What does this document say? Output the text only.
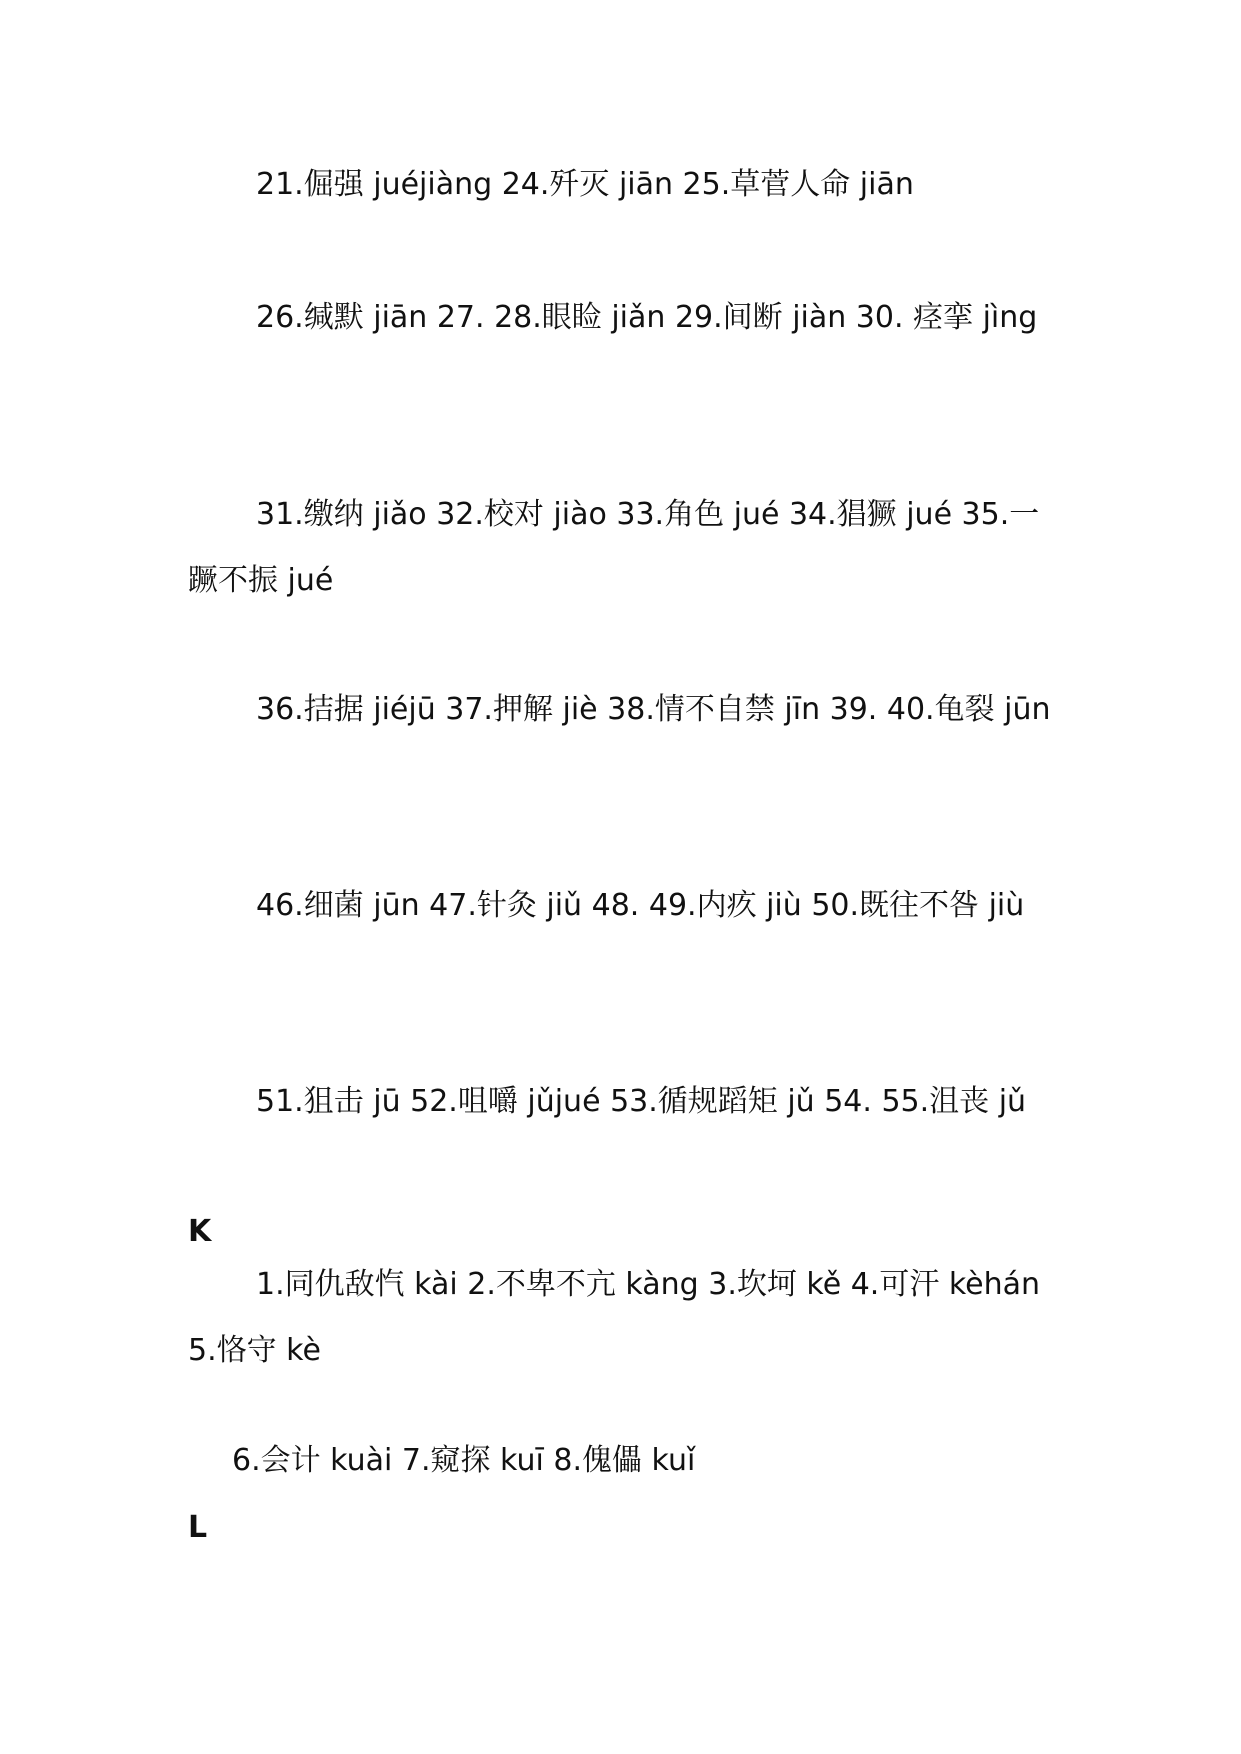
21.倔强 juéjiàng 24.歼灭 jiān 25.草菅人命 jiān

26.缄默 jiān 27. 28.眼睑 jiǎn 29.间断 jiàn 30. 痉挛 jìng

31.缴纳 jiǎo 32.校对 jiào 33.角色 jué 34.猖獗 jué 35.一蹶不振 jué

36.拮据 jiéjū 37.押解 jiè 38.情不自禁 jīn 39. 40.龟裂 jūn

46.细菌 jūn 47.针灸 jiǔ 48. 49.内疚 jiù 50.既往不咎 jiù

51.狙击 jū 52.咀嚼 jǔjué 53.循规蹈矩 jǔ 54. 55.沮丧 jǔ

K

1.同仇敌忾 kài 2.不卑不亢 kàng 3.坎坷 kě 4.可汗 kèhán 5.恪守 kè

6.会计 kuài 7.窥探 kuī 8.傀儡 kuǐ

L
